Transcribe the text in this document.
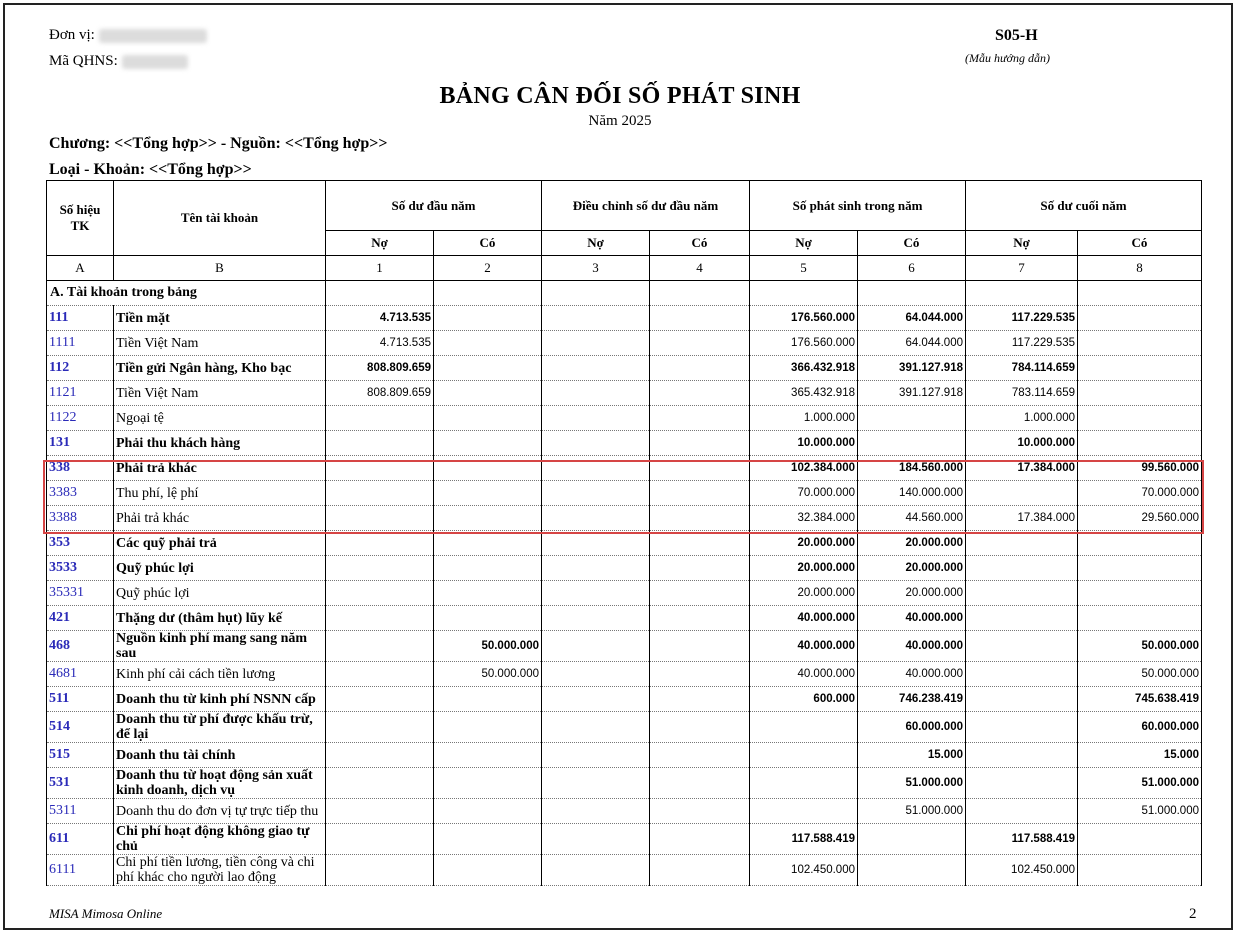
Đơn vị:
Mã QHNS:
S05-H
(Mẫu hướng dẫn)
BẢNG CÂN ĐỐI SỐ PHÁT SINH
Năm 2025
Chương: <<Tổng hợp>> - Nguồn: <<Tổng hợp>>
Loại - Khoản: <<Tổng hợp>>
Số hiệu TK	Tên tài khoản	Số dư đầu năm		Điều chỉnh số dư đầu năm		Số phát sinh trong năm		Số dư cuối năm	
		Nợ	Có	Nợ	Có	Nợ	Có	Nợ	Có
A	B	1	2	3	4	5	6	7	8
A. Tài khoản trong bảng									
111	Tiền mặt	4.713.535				176.560.000	64.044.000	117.229.535	
1111	Tiền Việt Nam	4.713.535				176.560.000	64.044.000	117.229.535	
112	Tiền gửi Ngân hàng, Kho bạc	808.809.659				366.432.918	391.127.918	784.114.659	
1121	Tiền Việt Nam	808.809.659				365.432.918	391.127.918	783.114.659	
1122	Ngoại tệ					1.000.000		1.000.000	
131	Phải thu khách hàng					10.000.000		10.000.000	
338	Phải trả khác					102.384.000	184.560.000	17.384.000	99.560.000
3383	Thu phí, lệ phí					70.000.000	140.000.000		70.000.000
3388	Phải trả khác					32.384.000	44.560.000	17.384.000	29.560.000
353	Các quỹ phải trả					20.000.000	20.000.000		
3533	Quỹ phúc lợi					20.000.000	20.000.000		
35331	Quỹ phúc lợi					20.000.000	20.000.000		
421	Thặng dư (thâm hụt) lũy kế					40.000.000	40.000.000		
468	Nguồn kinh phí mang sang năm sau		50.000.000			40.000.000	40.000.000		50.000.000
4681	Kinh phí cải cách tiền lương		50.000.000			40.000.000	40.000.000		50.000.000
511	Doanh thu từ kinh phí NSNN cấp					600.000	746.238.419		745.638.419
514	Doanh thu từ phí được khấu trừ, để lại						60.000.000		60.000.000
515	Doanh thu tài chính						15.000		15.000
531	Doanh thu từ hoạt động sản xuất kinh doanh, dịch vụ						51.000.000		51.000.000
5311	Doanh thu do đơn vị tự trực tiếp thu						51.000.000		51.000.000
611	Chi phí hoạt động không giao tự chủ					117.588.419		117.588.419	
6111	Chi phí tiền lương, tiền công và chi phí khác cho người lao động					102.450.000		102.450.000	
MISA Mimosa Online	2
